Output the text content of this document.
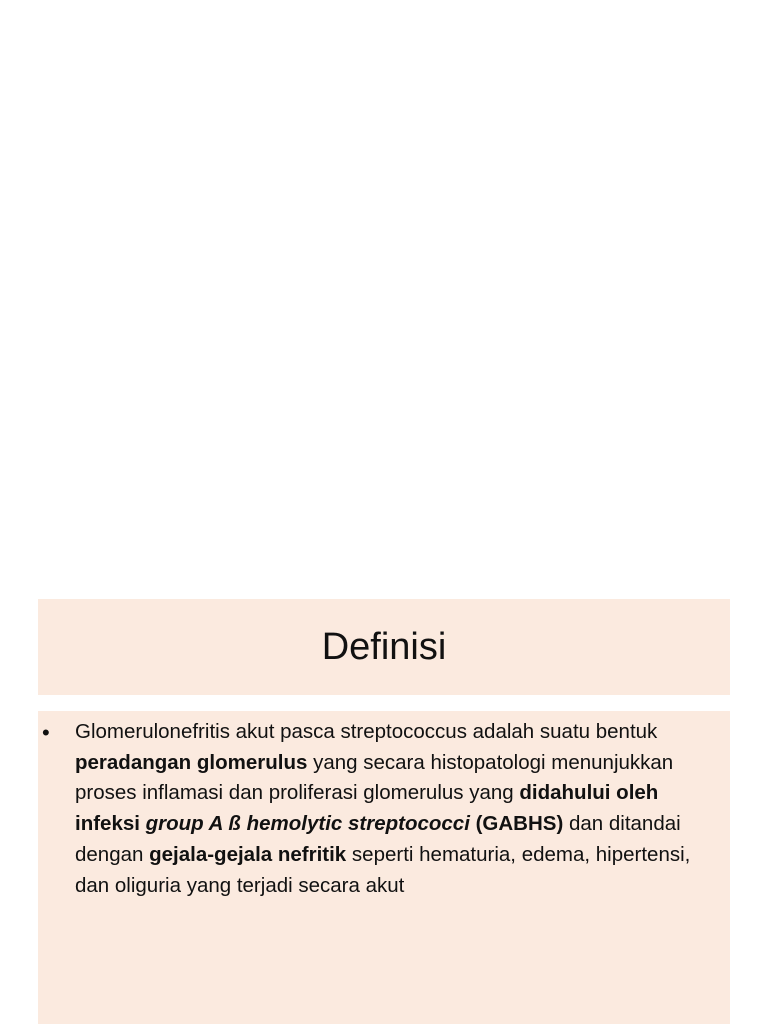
Definisi
• Glomerulonefritis akut pasca streptococcus adalah suatu bentuk peradangan glomerulus yang secara histopatologi menunjukkan proses inflamasi dan proliferasi glomerulus yang didahului oleh infeksi group A ß hemolytic streptococci (GABHS) dan ditandai dengan gejala-gejala nefritik seperti hematuria, edema, hipertensi, dan oliguria yang terjadi secara akut
